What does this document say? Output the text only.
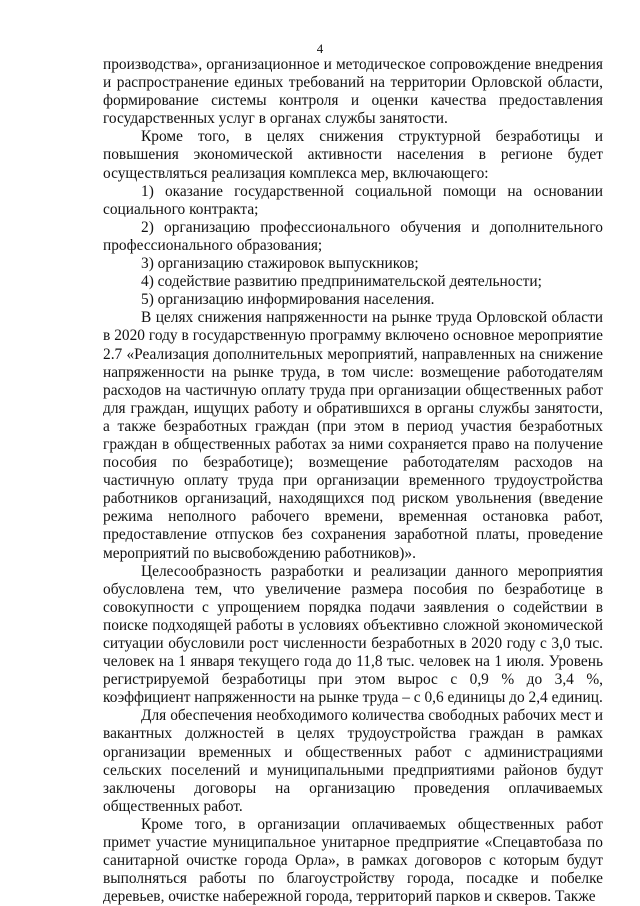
4

производства», организационное и методическое сопровождение внедрения и распространение единых требований на территории Орловской области, формирование системы контроля и оценки качества предоставления государственных услуг в органах службы занятости.

Кроме того, в целях снижения структурной безработицы и повышения экономической активности населения в регионе будет осуществляться реализация комплекса мер, включающего:

1) оказание государственной социальной помощи на основании социального контракта;

2) организацию профессионального обучения и дополнительного профессионального образования;

3) организацию стажировок выпускников;

4) содействие развитию предпринимательской деятельности;

5) организацию информирования населения.

В целях снижения напряженности на рынке труда Орловской области в 2020 году в государственную программу включено основное мероприятие 2.7 «Реализация дополнительных мероприятий, направленных на снижение напряженности на рынке труда, в том числе: возмещение работодателям расходов на частичную оплату труда при организации общественных работ для граждан, ищущих работу и обратившихся в органы службы занятости, а также безработных граждан (при этом в период участия безработных граждан в общественных работах за ними сохраняется право на получение пособия по безработице); возмещение работодателям расходов на частичную оплату труда при организации временного трудоустройства работников организаций, находящихся под риском увольнения (введение режима неполного рабочего времени, временная остановка работ, предоставление отпусков без сохранения заработной платы, проведение мероприятий по высвобождению работников)».

Целесообразность разработки и реализации данного мероприятия обусловлена тем, что увеличение размера пособия по безработице в совокупности с упрощением порядка подачи заявления о содействии в поиске подходящей работы в условиях объективно сложной экономической ситуации обусловили рост численности безработных в 2020 году с 3,0 тыс. человек на 1 января текущего года до 11,8 тыс. человек на 1 июля. Уровень регистрируемой безработицы при этом вырос с 0,9 % до 3,4 %, коэффициент напряженности на рынке труда – с 0,6 единицы до 2,4 единиц.

Для обеспечения необходимого количества свободных рабочих мест и вакантных должностей в целях трудоустройства граждан в рамках организации временных и общественных работ с администрациями сельских поселений и муниципальными предприятиями районов будут заключены договоры на организацию проведения оплачиваемых общественных работ.

Кроме того, в организации оплачиваемых общественных работ примет участие муниципальное унитарное предприятие «Спецавтобаза по санитарной очистке города Орла», в рамках договоров с которым будут выполняться работы по благоустройству города, посадке и побелке деревьев, очистке набережной города, территорий парков и скверов. Также
